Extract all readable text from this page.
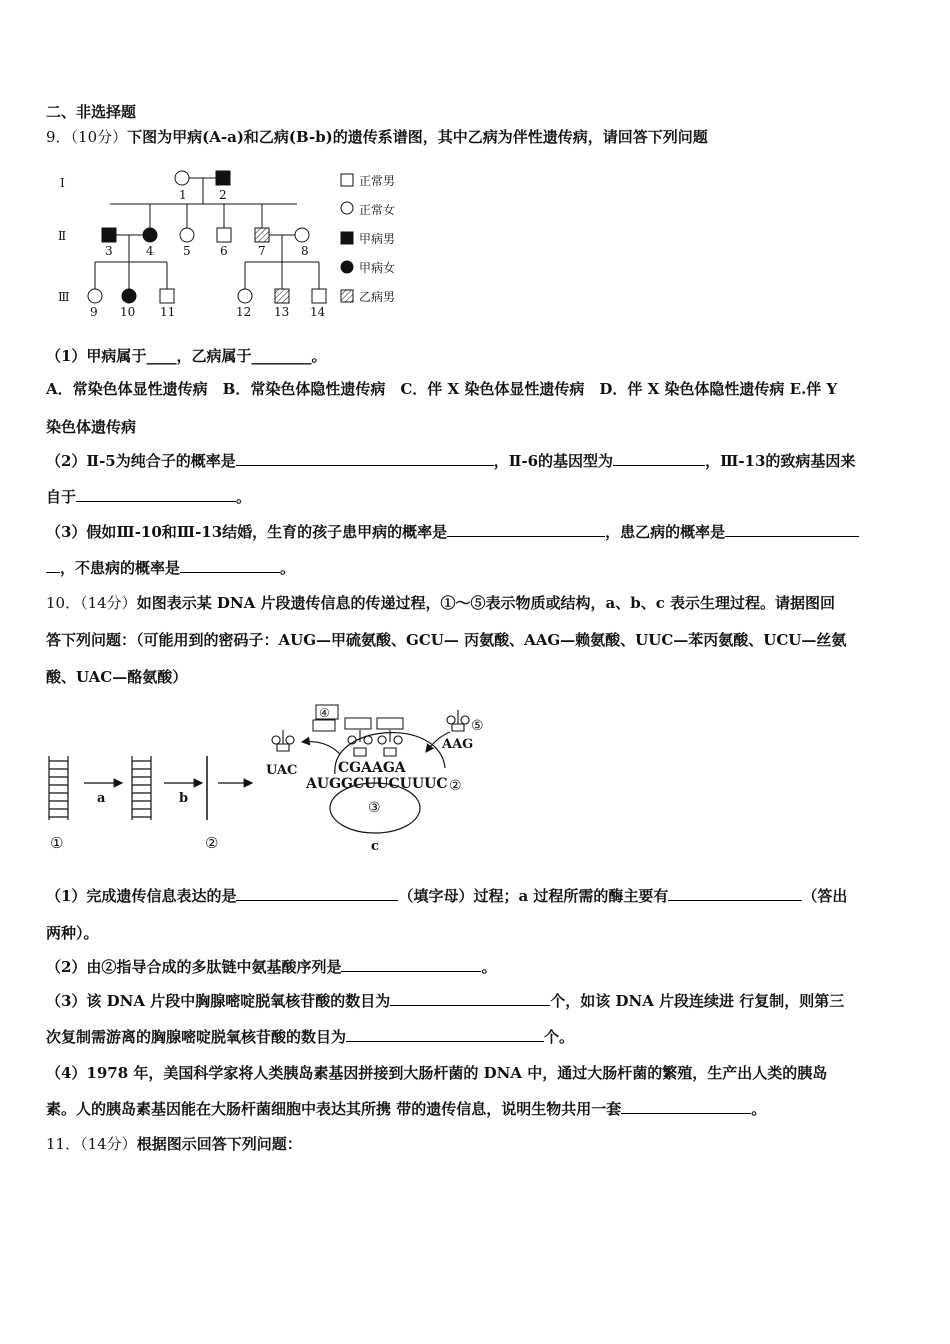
二、非选择题
9．（10分）下图为甲病(A-a)和乙病(B-b)的遗传系谱图，其中乙病为伴性遗传病，请回答下列问题
Ⅰ
Ⅱ
Ⅲ
1	2
3	4 5 6	7	8
9 10 11	12 13 14
正常男
正常女
甲病男
甲病女
乙病男
（1）甲病属于____，乙病属于________。
A．常染色体显性遗传病　B．常染色体隐性遗传病　C．伴 X 染色体显性遗传病　D．伴 X 染色体隐性遗传病 E.伴 Y
染色体遗传病
（2）Ⅱ-5为纯合子的概率是	，Ⅱ-6的基因型为	，Ⅲ-13的致病基因来
自于	。
（3）假如Ⅲ-10和Ⅲ-13结婚，生育的孩子患甲病的概率是	，患乙病的概率是
，不患病的概率是	。
10．（14分）如图表示某 DNA 片段遗传信息的传递过程，①～⑤表示物质或结构，a、b、c 表示生理过程。请据图回
答下列问题：（可能用到的密码子：AUG—甲硫氨酸、GCU— 丙氨酸、AAG—赖氨酸、UUC—苯丙氨酸、UCU—丝氨
酸、UAC—酪氨酸）
①
a	b
②
④
UAC
⑤
AAG
CGAAGA
AUGGCUUCUUUC ②
③
c
（1）完成遗传信息表达的是	（填字母）过程；a 过程所需的酶主要有	（答出
两种）。
（2）由②指导合成的多肽链中氨基酸序列是	。
（3）该 DNA 片段中胸腺嘧啶脱氧核苷酸的数目为	个，如该 DNA 片段连续进 行复制，则第三
次复制需游离的胸腺嘧啶脱氧核苷酸的数目为	个。
（4）1978 年，美国科学家将人类胰岛素基因拼接到大肠杆菌的 DNA 中，通过大肠杆菌的繁殖，生产出人类的胰岛
素。人的胰岛素基因能在大肠杆菌细胞中表达其所携 带的遗传信息，说明生物共用一套	。
11．（14分）根据图示回答下列问题：
